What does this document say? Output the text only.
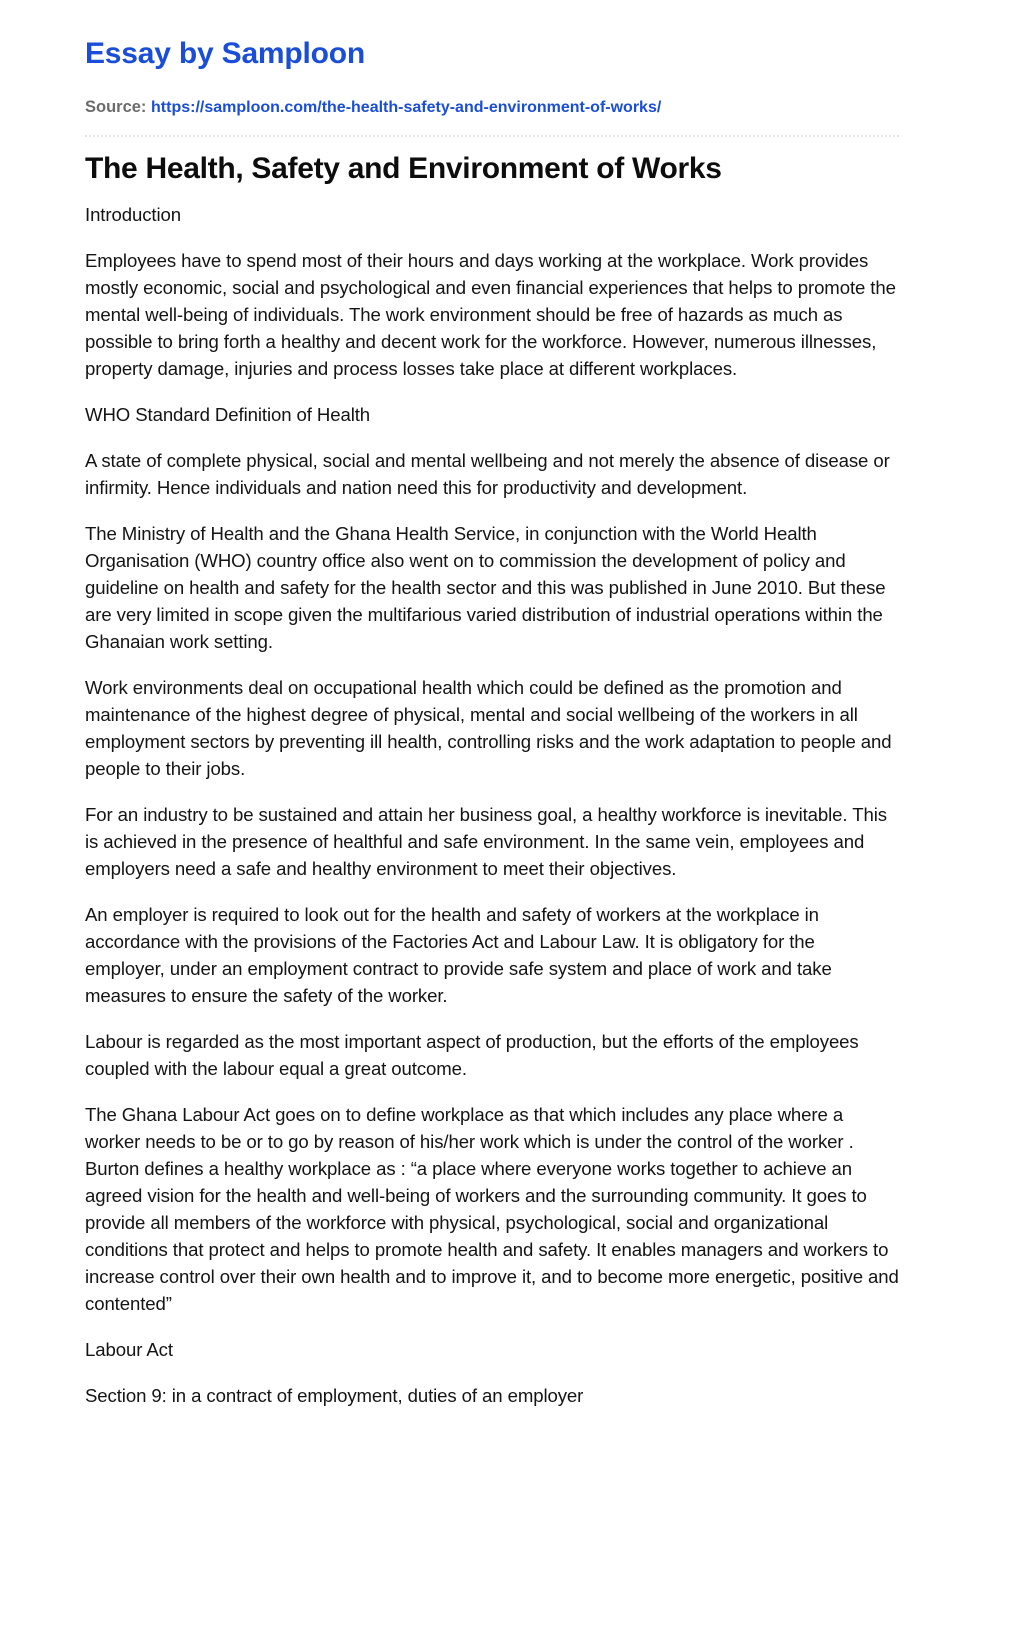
Essay by Samploon
Source: https://samploon.com/the-health-safety-and-environment-of-works/
The Health, Safety and Environment of Works

Introduction

Employees have to spend most of their hours and days working at the workplace. Work provides mostly economic, social and psychological and even financial experiences that helps to promote the mental well-being of individuals. The work environment should be free of hazards as much as possible to bring forth a healthy and decent work for the workforce. However, numerous illnesses, property damage, injuries and process losses take place at different workplaces.

WHO Standard Definition of Health

A state of complete physical, social and mental wellbeing and not merely the absence of disease or infirmity. Hence individuals and nation need this for productivity and development.

The Ministry of Health and the Ghana Health Service, in conjunction with the World Health Organisation (WHO) country office also went on to commission the development of policy and guideline on health and safety for the health sector and this was published in June 2010. But these are very limited in scope given the multifarious varied distribution of industrial operations within the Ghanaian work setting.

Work environments deal on occupational health which could be defined as the promotion and maintenance of the highest degree of physical, mental and social wellbeing of the workers in all employment sectors by preventing ill health, controlling risks and the work adaptation to people and people to their jobs.

For an industry to be sustained and attain her business goal, a healthy workforce is inevitable. This is achieved in the presence of healthful and safe environment. In the same vein, employees and employers need a safe and healthy environment to meet their objectives.

An employer is required to look out for the health and safety of workers at the workplace in accordance with the provisions of the Factories Act and Labour Law. It is obligatory for the employer, under an employment contract to provide safe system and place of work and take measures to ensure the safety of the worker.

Labour is regarded as the most important aspect of production, but the efforts of the employees coupled with the labour equal a great outcome.

The Ghana Labour Act goes on to define workplace as that which includes any place where a worker needs to be or to go by reason of his/her work which is under the control of the worker . Burton defines a healthy workplace as : “a place where everyone works together to achieve an agreed vision for the health and well-being of workers and the surrounding community. It goes to provide all members of the workforce with physical, psychological, social and organizational conditions that protect and helps to promote health and safety. It enables managers and workers to increase control over their own health and to improve it, and to become more energetic, positive and contented”

Labour Act

Section 9: in a contract of employment, duties of an employer
